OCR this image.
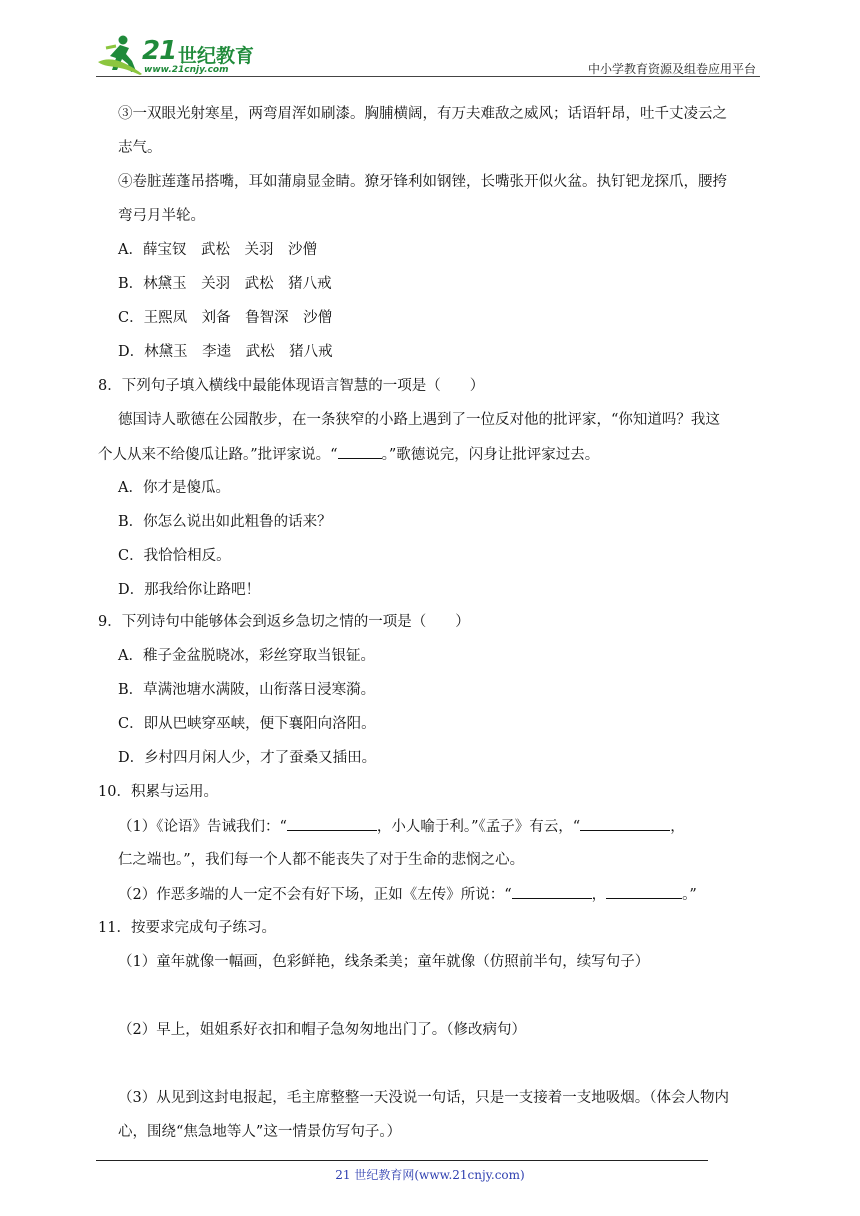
21 世纪教育
www.21cnjy.com	中小学教育资源及组卷应用平台
③一双眼光射寒星，两弯眉浑如刷漆。胸脯横阔，有万夫难敌之威风；话语轩昂，吐千丈凌云之
志气。
④卷脏莲蓬吊搭嘴，耳如蒲扇显金睛。獠牙锋利如钢锉，长嘴张开似火盆。执钉钯龙探爪，腰挎
弯弓月半轮。
A．薛宝钗　武松　关羽　沙僧
B．林黛玉　关羽　武松　猪八戒
C．王熙凤　刘备　鲁智深　沙僧
D．林黛玉　李逵　武松　猪八戒
8．下列句子填入横线中最能体现语言智慧的一项是（　　）
德国诗人歌德在公园散步，在一条狭窄的小路上遇到了一位反对他的批评家，“你知道吗？我这
个人从来不给傻瓜让路。”批评家说。“	。”歌德说完，闪身让批评家过去。
A．你才是傻瓜。
B．你怎么说出如此粗鲁的话来？
C．我恰恰相反。
D．那我给你让路吧！
9．下列诗句中能够体会到返乡急切之情的一项是（　　）
A．稚子金盆脱晓冰，彩丝穿取当银钲。
B．草满池塘水满陂，山衔落日浸寒漪。
C．即从巴峡穿巫峡，便下襄阳向洛阳。
D．乡村四月闲人少，才了蚕桑又插田。
10．积累与运用。
（1）《论语》告诫我们：“	，小人喻于利。”《孟子》有云，“	，
仁之端也。”，我们每一个人都不能丧失了对于生命的悲悯之心。
（2）作恶多端的人一定不会有好下场，正如《左传》所说：“	，	。”
11．按要求完成句子练习。
（1）童年就像一幅画，色彩鲜艳，线条柔美；童年就像（仿照前半句，续写句子）
（2）早上，姐姐系好衣扣和帽子急匆匆地出门了。（修改病句）
（3）从见到这封电报起，毛主席整整一天没说一句话，只是一支接着一支地吸烟。（体会人物内
心，围绕“焦急地等人”这一情景仿写句子。）
21 世纪教育网(www.21cnjy.com)
